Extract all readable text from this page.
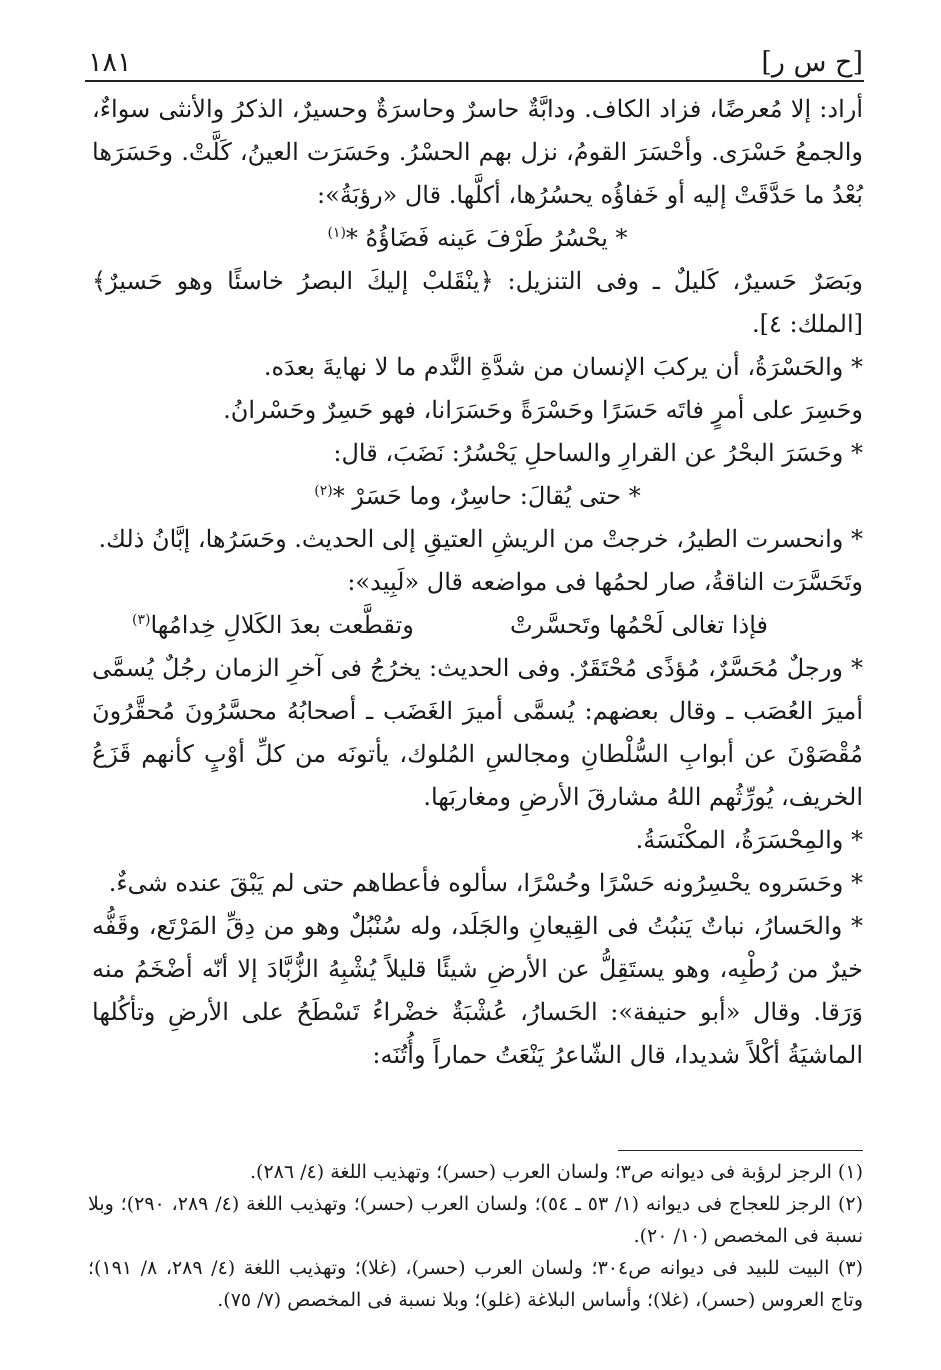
[ح س ر]
١٨١

أراد: إلا مُعرضًا، فزاد الكاف. ودابَّةٌ حاسرٌ وحاسرَةٌ وحسيرٌ، الذكرُ والأنثى سواءٌ، والجمعُ حَسْرَى. وأحْسَرَ القومُ، نزل بهم الحسْرُ. وحَسَرَت العينُ، كَلَّتْ. وحَسَرَها بُعْدُ ما حَدَّقَتْ إليه أو خَفاؤُه يحسُرُها، أكلَّها. قال «رؤبَةُ»:

* يحْسُرُ طَرْفَ عَينه فَضَاؤُهُ *$^{(١)}$

وبَصَرٌ حَسيرٌ، كَليلٌ ـ وفى التنزيل: ﴿ينْقَلبْ إليكَ البصرُ خاسئًا وهو حَسيرٌ﴾ [الملك: ٤].

* والحَسْرَةُ، أن يركبَ الإنسان من شدَّةِ النَّدم ما لا نهايةَ بعدَه.

وحَسِرَ على أمرٍ فاتَه حَسَرًا وحَسْرَةً وحَسَرَانا، فهو حَسِرٌ وحَسْرانُ.

* وحَسَرَ البحْرُ عن القرارِ والساحلِ يَحْسُرُ: نَضَبَ، قال:

* حتى يُقالَ: حاسِرٌ، وما حَسَرْ *$^{(٢)}$

* وانحسرت الطيرُ، خرجتْ من الريشِ العتيقِ إلى الحديث. وحَسَرُها، إبَّانُ ذلك.

وتَحَسَّرَت الناقةُ، صار لحمُها فى مواضعه قال «لَبِيد»:

فإذا تغالى لَحْمُها وتَحسَّرتْ
وتقطَّعت بعدَ الكَلالِ خِدامُها$^{(٣)}$

* ورجلٌ مُحَسَّرٌ، مُؤذًى مُحْتَقَرٌ. وفى الحديث: يخرُجُ فى آخرِ الزمان رجُلٌ يُسمَّى أميرَ العُصَب ـ وقال بعضهم: يُسمَّى أميرَ الغَضَب ـ أصحابُهُ محسَّرُونَ مُحقَّرُونَ مُقْصَوْنَ عن أبوابِ السُّلْطانِ ومجالسِ المُلوك، يأتونَه من كلِّ أوْبٍ كأنهم قَزَعُ الخريف، يُورِّثُهم اللهُ مشارقَ الأرضِ ومغاربَها.

* والمِحْسَرَةُ، المكْنَسَةُ.

* وحَسَروه يحْسِرُونه حَسْرًا وحُسْرًا، سألوه فأعطاهم حتى لم يَبْقَ عنده شىءٌ.

* والحَسارُ، نباتٌ يَنبُتُ فى القِيعانِ والجَلَد، وله سُنْبُلٌ وهو من دِقِّ المَرْتَع، وقَفُّه خيرٌ من رُطْبِه، وهو يستَقِلُّ عن الأرضِ شيئًا قليلاً يُشْبِهُ الزُّبَّادَ إلا أنّه أضْخَمُ منه وَرَقا. وقال «أبو حنيفة»: الحَسارُ، عُشْبَةٌ خضْراءُ تَسْطَحُ على الأرضِ وتأكُلها الماشيَةُ أكْلاً شديدا، قال الشّاعرُ يَنْعَتُ حماراً وأُتُنَه:

(١) الرجز لرؤبة فى ديوانه ص٣؛ ولسان العرب (حسر)؛ وتهذيب اللغة (٤/ ٢٨٦).

(٢) الرجز للعجاج فى ديوانه (١/ ٥٣ ـ ٥٤)؛ ولسان العرب (حسر)؛ وتهذيب اللغة (٤/ ٢٨٩، ٢٩٠)؛ وبلا نسبة فى المخصص (١٠/ ٢٠).

(٣) البيت للبيد فى ديوانه ص٣٠٤؛ ولسان العرب (حسر)، (غلا)؛ وتهذيب اللغة (٤/ ٢٨٩، ٨/ ١٩١)؛ وتاج العروس (حسر)، (غلا)؛ وأساس البلاغة (غلو)؛ وبلا نسبة فى المخصص (٧/ ٧٥).
